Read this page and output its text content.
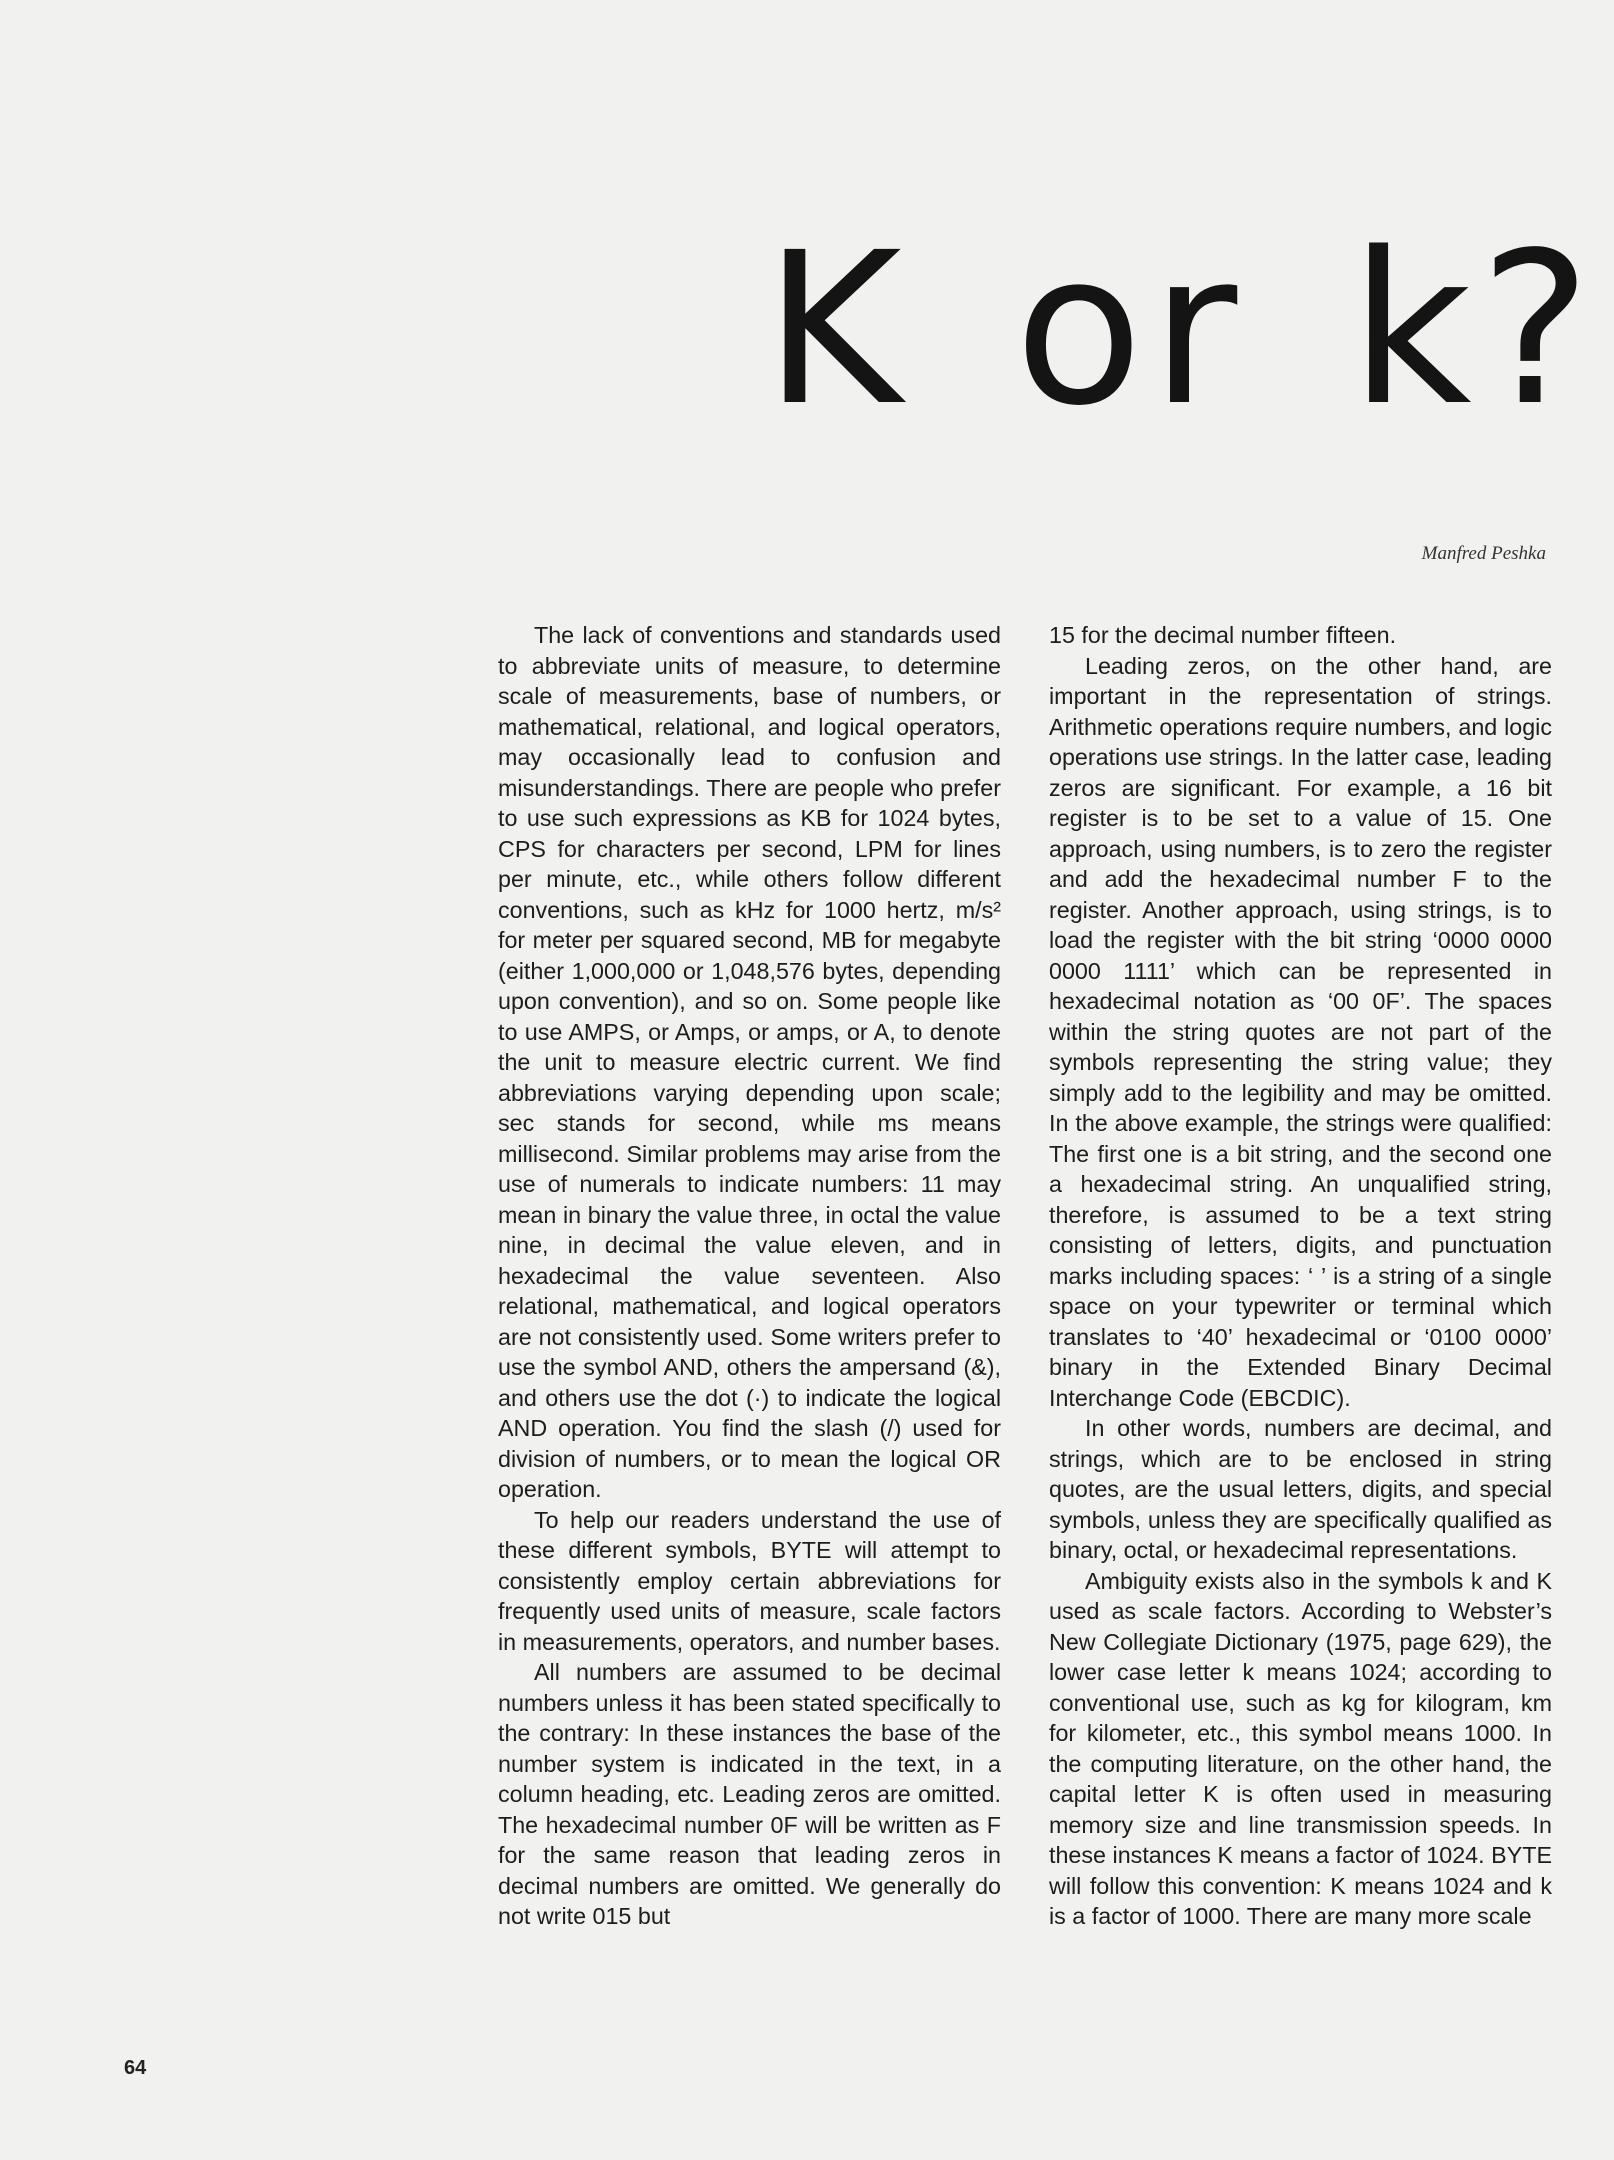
K or k?
Manfred Peshka

The lack of conventions and standards used to abbreviate units of measure, to determine scale of measurements, base of numbers, or mathematical, relational, and logical operators, may occasionally lead to confusion and misunderstandings. There are people who prefer to use such expressions as KB for 1024 bytes, CPS for characters per second, LPM for lines per minute, etc., while others follow different conventions, such as kHz for 1000 hertz, m/s² for meter per squared second, MB for megabyte (either 1,000,000 or 1,048,576 bytes, depending upon convention), and so on. Some people like to use AMPS, or Amps, or amps, or A, to denote the unit to measure electric current. We find abbreviations varying depending upon scale; sec stands for second, while ms means millisecond. Similar problems may arise from the use of numerals to indicate numbers: 11 may mean in binary the value three, in octal the value nine, in decimal the value eleven, and in hexadecimal the value seventeen. Also relational, mathematical, and logical operators are not consistently used. Some writers prefer to use the symbol AND, others the ampersand (&), and others use the dot (·) to indicate the logical AND operation. You find the slash (/) used for division of numbers, or to mean the logical OR operation.

To help our readers understand the use of these different symbols, BYTE will attempt to consistently employ certain abbreviations for frequently used units of measure, scale factors in measurements, operators, and number bases.

All numbers are assumed to be decimal numbers unless it has been stated specifically to the contrary: In these instances the base of the number system is indicated in the text, in a column heading, etc. Leading zeros are omitted. The hexadecimal number 0F will be written as F for the same reason that leading zeros in decimal numbers are omitted. We generally do not write 015 but

15 for the decimal number fifteen.

Leading zeros, on the other hand, are important in the representation of strings. Arithmetic operations require numbers, and logic operations use strings. In the latter case, leading zeros are significant. For example, a 16 bit register is to be set to a value of 15. One approach, using numbers, is to zero the register and add the hexadecimal number F to the register. Another approach, using strings, is to load the register with the bit string ‘0000 0000 0000 1111’ which can be represented in hexadecimal notation as ‘00 0F’. The spaces within the string quotes are not part of the symbols representing the string value; they simply add to the legibility and may be omitted. In the above example, the strings were qualified: The first one is a bit string, and the second one a hexadecimal string. An unqualified string, therefore, is assumed to be a text string consisting of letters, digits, and punctuation marks including spaces: ‘ ’ is a string of a single space on your typewriter or terminal which translates to ‘40’ hexadecimal or ‘0100 0000’ binary in the Extended Binary Decimal Interchange Code (EBCDIC).

In other words, numbers are decimal, and strings, which are to be enclosed in string quotes, are the usual letters, digits, and special symbols, unless they are specifically qualified as binary, octal, or hexadecimal representations.

Ambiguity exists also in the symbols k and K used as scale factors. According to Webster’s New Collegiate Dictionary (1975, page 629), the lower case letter k means 1024; according to conventional use, such as kg for kilogram, km for kilometer, etc., this symbol means 1000. In the computing literature, on the other hand, the capital letter K is often used in measuring memory size and line transmission speeds. In these instances K means a factor of 1024. BYTE will follow this convention: K means 1024 and k is a factor of 1000. There are many more scale

64
